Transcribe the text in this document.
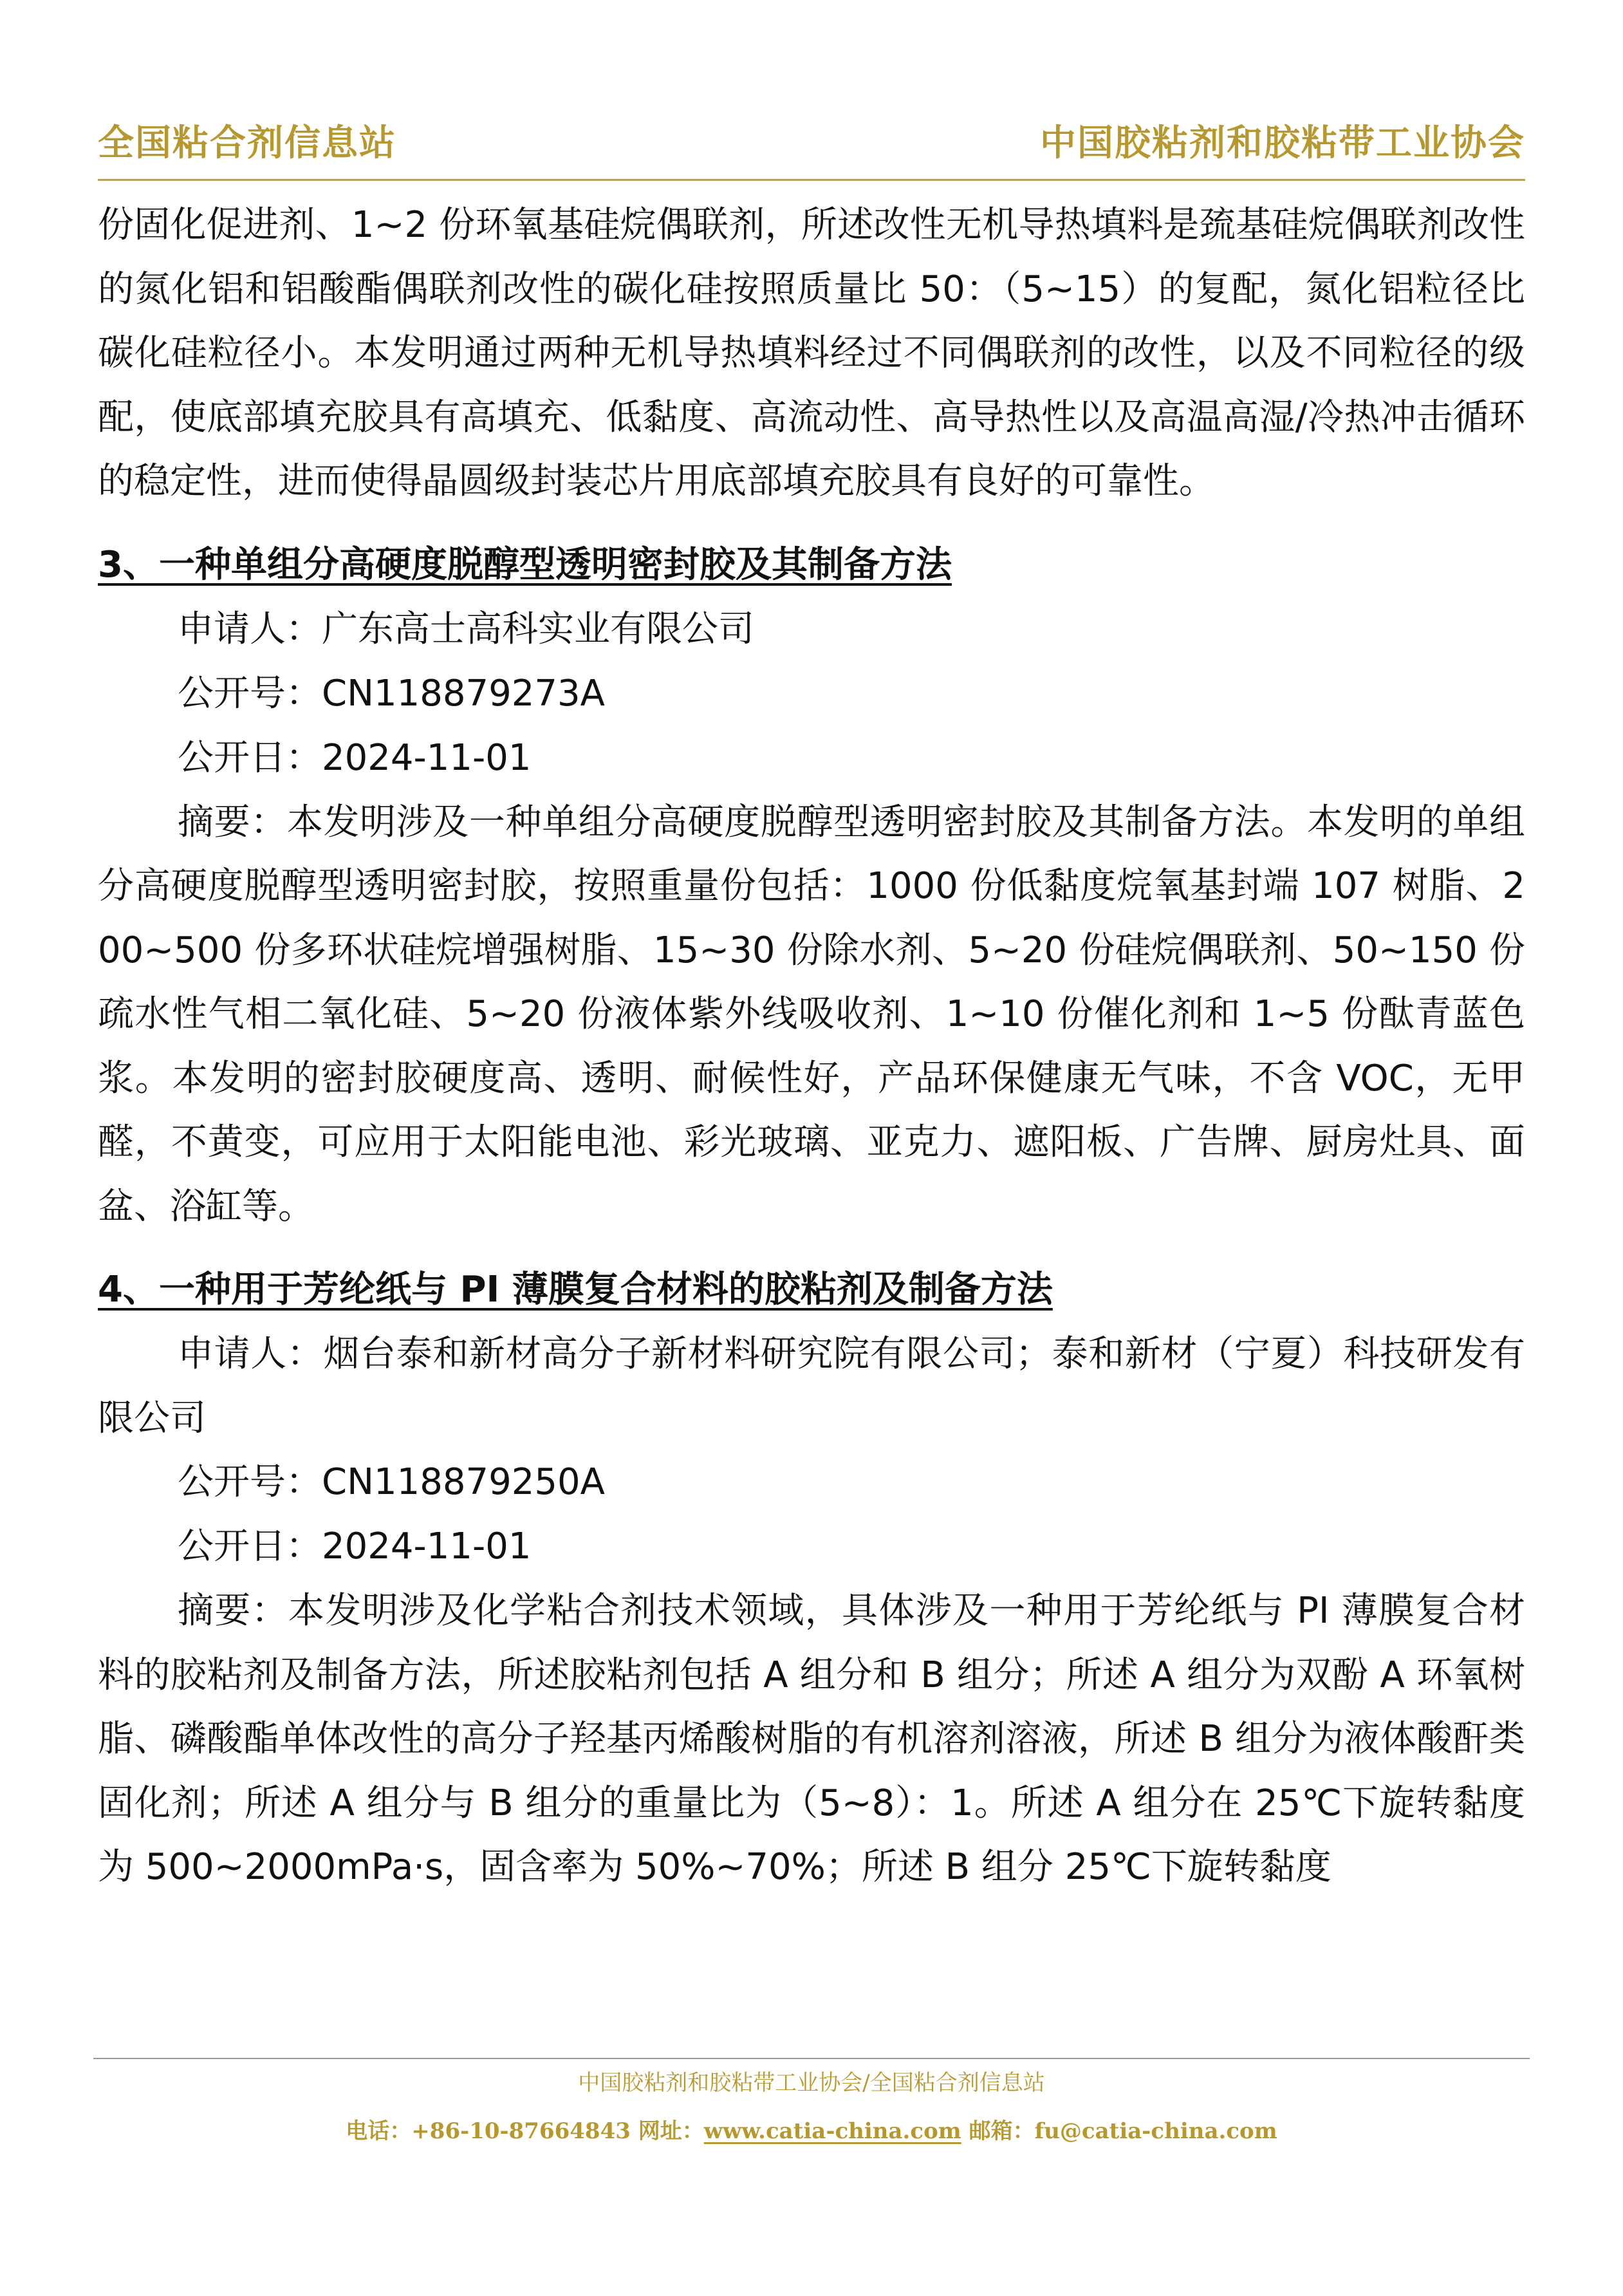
全国粘合剂信息站	中国胶粘剂和胶粘带工业协会
份固化促进剂、1~2 份环氧基硅烷偶联剂，所述改性无机导热填料是巯基硅烷偶联剂改性的氮化铝和铝酸酯偶联剂改性的碳化硅按照质量比 50：（5~15）的复配，氮化铝粒径比碳化硅粒径小。本发明通过两种无机导热填料经过不同偶联剂的改性，以及不同粒径的级配，使底部填充胶具有高填充、低黏度、高流动性、高导热性以及高温高湿/冷热冲击循环的稳定性，进而使得晶圆级封装芯片用底部填充胶具有良好的可靠性。
3、一种单组分高硬度脱醇型透明密封胶及其制备方法
申请人：广东高士高科实业有限公司
公开号：CN118879273A
公开日：2024-11-01
摘要：本发明涉及一种单组分高硬度脱醇型透明密封胶及其制备方法。本发明的单组分高硬度脱醇型透明密封胶，按照重量份包括：1000 份低黏度烷氧基封端 107 树脂、200~500 份多环状硅烷增强树脂、15~30 份除水剂、5~20 份硅烷偶联剂、50~150 份疏水性气相二氧化硅、5~20 份液体紫外线吸收剂、1~10 份催化剂和 1~5 份酞青蓝色浆。本发明的密封胶硬度高、透明、耐候性好，产品环保健康无气味，不含 VOC，无甲醛，不黄变，可应用于太阳能电池、彩光玻璃、亚克力、遮阳板、广告牌、厨房灶具、面盆、浴缸等。
4、一种用于芳纶纸与 PI 薄膜复合材料的胶粘剂及制备方法
申请人：烟台泰和新材高分子新材料研究院有限公司；泰和新材（宁夏）科技研发有限公司
公开号：CN118879250A
公开日：2024-11-01
摘要：本发明涉及化学粘合剂技术领域，具体涉及一种用于芳纶纸与 PI 薄膜复合材料的胶粘剂及制备方法，所述胶粘剂包括 A 组分和 B 组分；所述 A 组分为双酚 A 环氧树脂、磷酸酯单体改性的高分子羟基丙烯酸树脂的有机溶剂溶液，所述 B 组分为液体酸酐类固化剂；所述 A 组分与 B 组分的重量比为（5~8）：1。所述 A 组分在 25℃下旋转黏度为 500~2000mPa·s，固含率为 50%~70%；所述 B 组分 25℃下旋转黏度
中国胶粘剂和胶粘带工业协会/全国粘合剂信息站
电话：+86-10-87664843 网址：www.catia-china.com 邮箱：fu@catia-china.com
